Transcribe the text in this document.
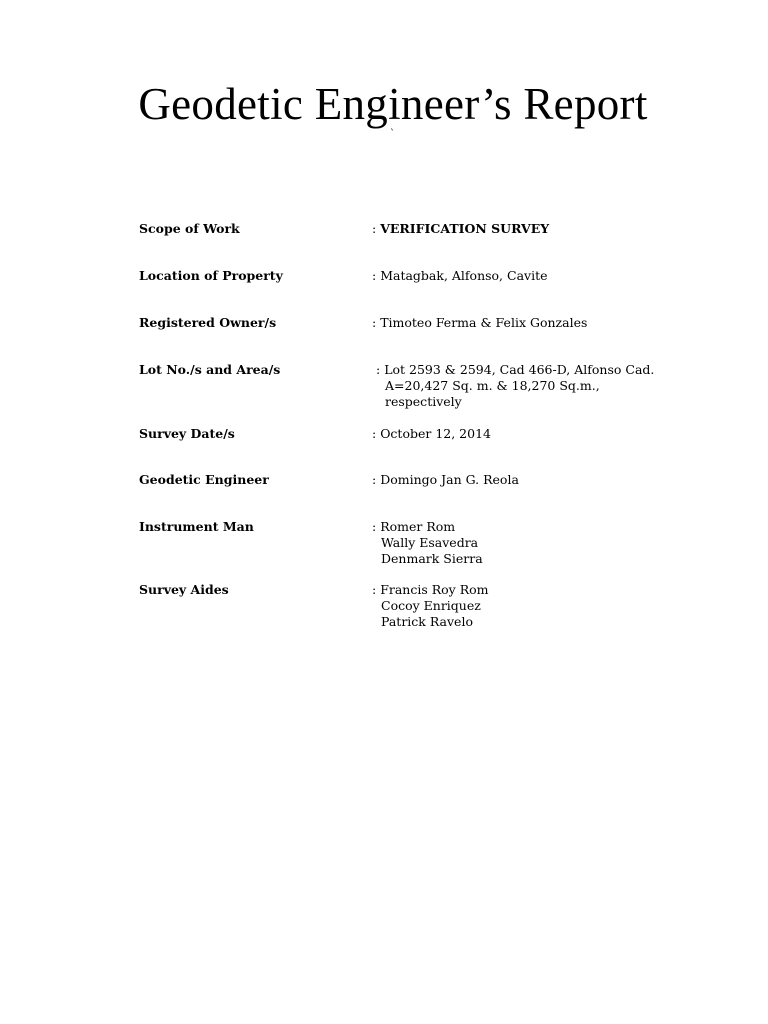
Geodetic Engineer’s Report
`
Scope of Work	: VERIFICATION SURVEY
Location of Property	: Matagbak, Alfonso, Cavite
Registered Owner/s	: Timoteo Ferma & Felix Gonzales
Lot No./s and Area/s	: Lot 2593 & 2594, Cad 466-D, Alfonso Cad.
A=20,427 Sq. m. & 18,270 Sq.m.,
respectively
Survey Date/s	: October 12, 2014
Geodetic Engineer	: Domingo Jan G. Reola
Instrument Man	: Romer Rom
Wally Esavedra
Denmark Sierra
Survey Aides	: Francis Roy Rom
Cocoy Enriquez
Patrick Ravelo
